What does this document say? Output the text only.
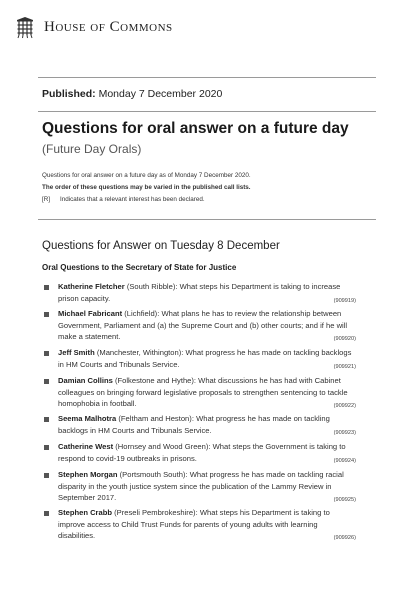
House of Commons
Published: Monday 7 December 2020
Questions for oral answer on a future day
(Future Day Orals)
Questions for oral answer on a future day as of Monday 7 December 2020.
The order of these questions may be varied in the published call lists.
[R] Indicates that a relevant interest has been declared.
Questions for Answer on Tuesday 8 December
Oral Questions to the Secretary of State for Justice
Katherine Fletcher (South Ribble): What steps his Department is taking to increase prison capacity.	(909919)
Michael Fabricant (Lichfield): What plans he has to review the relationship between Government, Parliament and (a) the Supreme Court and (b) other courts; and if he will make a statement.	(909920)
Jeff Smith (Manchester, Withington): What progress he has made on tackling backlogs in HM Courts and Tribunals Service.	(909921)
Damian Collins (Folkestone and Hythe): What discussions he has had with Cabinet colleagues on bringing forward legislative proposals to strengthen sentencing to tackle homophobia in football.	(909922)
Seema Malhotra (Feltham and Heston): What progress he has made on tackling backlogs in HM Courts and Tribunals Service.	(909923)
Catherine West (Hornsey and Wood Green): What steps the Government is taking to respond to covid-19 outbreaks in prisons.	(909924)
Stephen Morgan (Portsmouth South): What progress he has made on tackling racial disparity in the youth justice system since the publication of the Lammy Review in September 2017.	(909925)
Stephen Crabb (Preseli Pembrokeshire): What steps his Department is taking to improve access to Child Trust Funds for parents of young adults with learning disabilities.	(909926)
